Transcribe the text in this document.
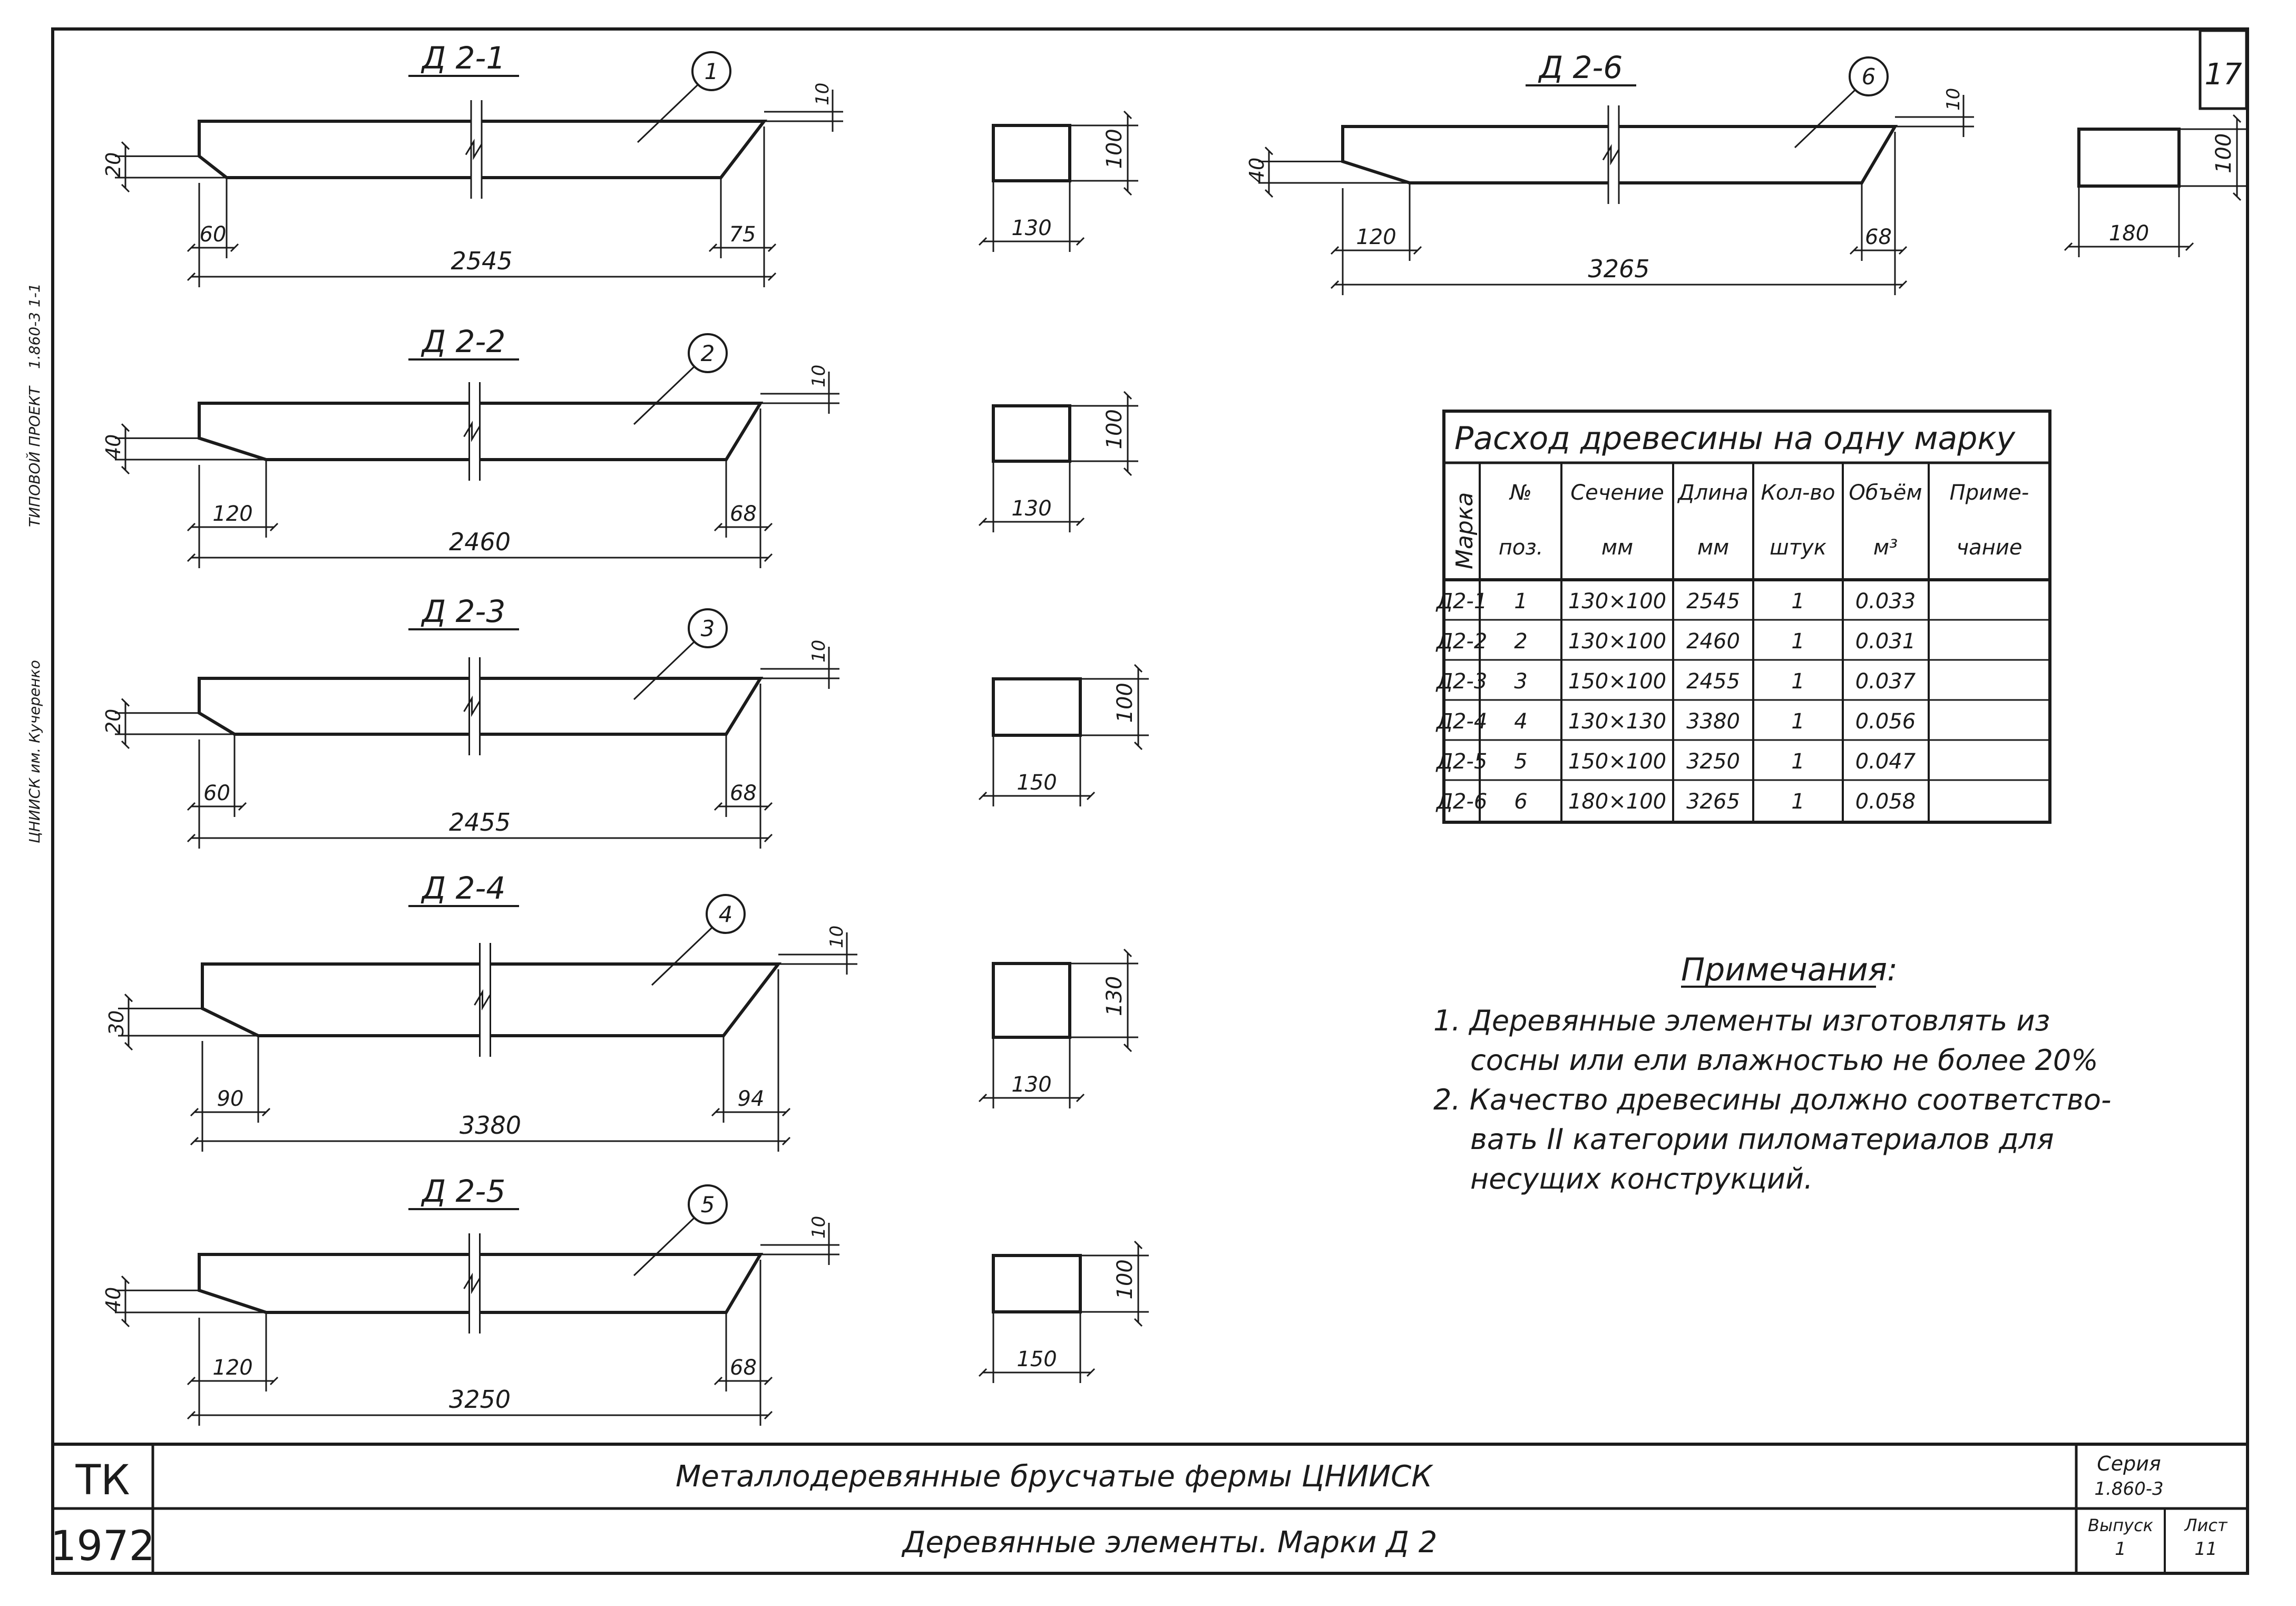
17
1.860-3 1-1
ТИПОВОЙ ПРОЕКТ
ЦНИИСК им. Кучеренко
Д 2-1	1
20
10
60	75
2545
130
100
Д 2-2	2
40
10
120	68
2460
130
100
Д 2-3	3
20
10
60	68
2455
150
100
Д 2-4
4
30
10
90	94
3380
130
130
Д 2-5	5
40
10
120	68
3250
150
100
Д 2-6	6
40
10
120	68
3265
180
100
Расход древесины на одну марку
Марка №
поз.
Сечение
мм
Длина
мм
Кол-во
штук
Объём
м³
Приме-
чание
Д2-1 1 130×100 2545 1 0.033
Д2-2 2 130×100 2460 1 0.031
Д2-3 3 150×100 2455 1 0.037
Д2-4 4 130×130 3380 1 0.056
Д2-5 5 150×100 3250 1 0.047
Д2-6 6 180×100 3265 1 0.058
Примечания:
1. Деревянные элементы изготовлять из
сосны или ели влажностью не более 20%
2. Качество древесины должно соответство-
вать II категории пиломатериалов для
несущих конструкций.
ТК
1972
Металлодеревянные брусчатые фермы ЦНИИСК
Деревянные элементы. Марки Д 2
Серия
1.860-3
Выпуск
1
Лист
11
